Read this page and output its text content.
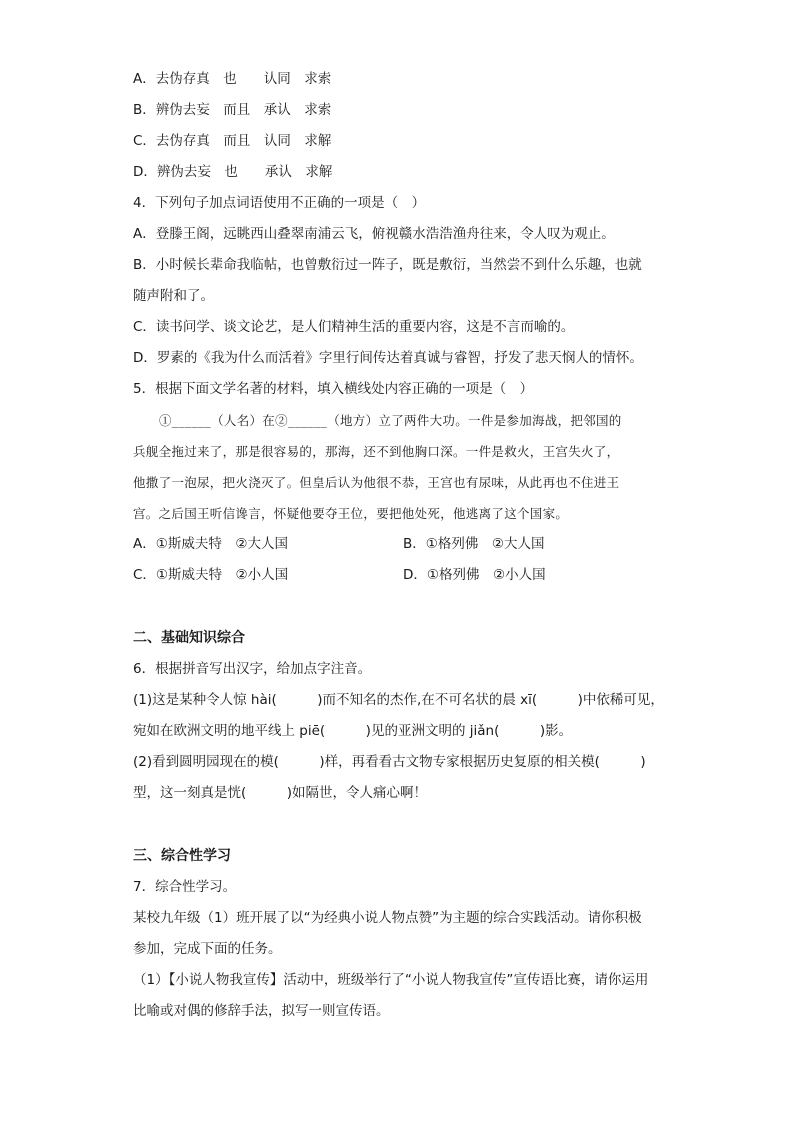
A．去伪存真　也　　认同　求索
B．辨伪去妄　而且　承认　求索
C．去伪存真　而且　认同　求解
D．辨伪去妄　也　　承认　求解
4．下列句子加点词语使用不正确的一项是（　）
A．登滕王阁，远眺西山叠翠南浦云飞，俯视赣水浩浩渔舟往来，令人叹为观止。
B．小时候长辈命我临帖，也曾敷衍过一阵子，既是敷衍，当然尝不到什么乐趣，也就
随声附和了。
C．读书问学、谈文论艺，是人们精神生活的重要内容，这是不言而喻的。
D．罗素的《我为什么而活着》字里行间传达着真诚与睿智，抒发了悲天悯人的情怀。
5．根据下面文学名著的材料，填入横线处内容正确的一项是（　）
①______（人名）在②______（地方）立了两件大功。一件是参加海战，把邻国的
兵舰全拖过来了，那是很容易的，那海，还不到他胸口深。一件是救火，王宫失火了，
他撒了一泡尿，把火浇灭了。但皇后认为他很不恭，王宫也有尿味，从此再也不住进王
宫。之后国王听信谗言，怀疑他要夺王位，要把他处死，他逃离了这个国家。
A．①斯威夫特　②大人国	B．①格列佛　②大人国
C．①斯威夫特　②小人国	D．①格列佛　②小人国
二、基础知识综合
6．根据拼音写出汉字，给加点字注音。
(1)这是某种令人惊 hài(　　　)而不知名的杰作,在不可名状的晨 xī(　　　)中依稀可见，
宛如在欧洲文明的地平线上 piē(　　　)见的亚洲文明的 jiǎn(　　　)影。
(2)看到圆明园现在的模(　　　)样，再看看古文物专家根据历史复原的相关模(　　　)
型，这一刻真是恍(　　　)如隔世，令人痛心啊！
三、综合性学习
7．综合性学习。
某校九年级（1）班开展了以“为经典小说人物点赞”为主题的综合实践活动。请你积极
参加，完成下面的任务。
（1）【小说人物我宣传】活动中，班级举行了“小说人物我宣传”宣传语比赛，请你运用
比喻或对偶的修辞手法，拟写一则宣传语。
